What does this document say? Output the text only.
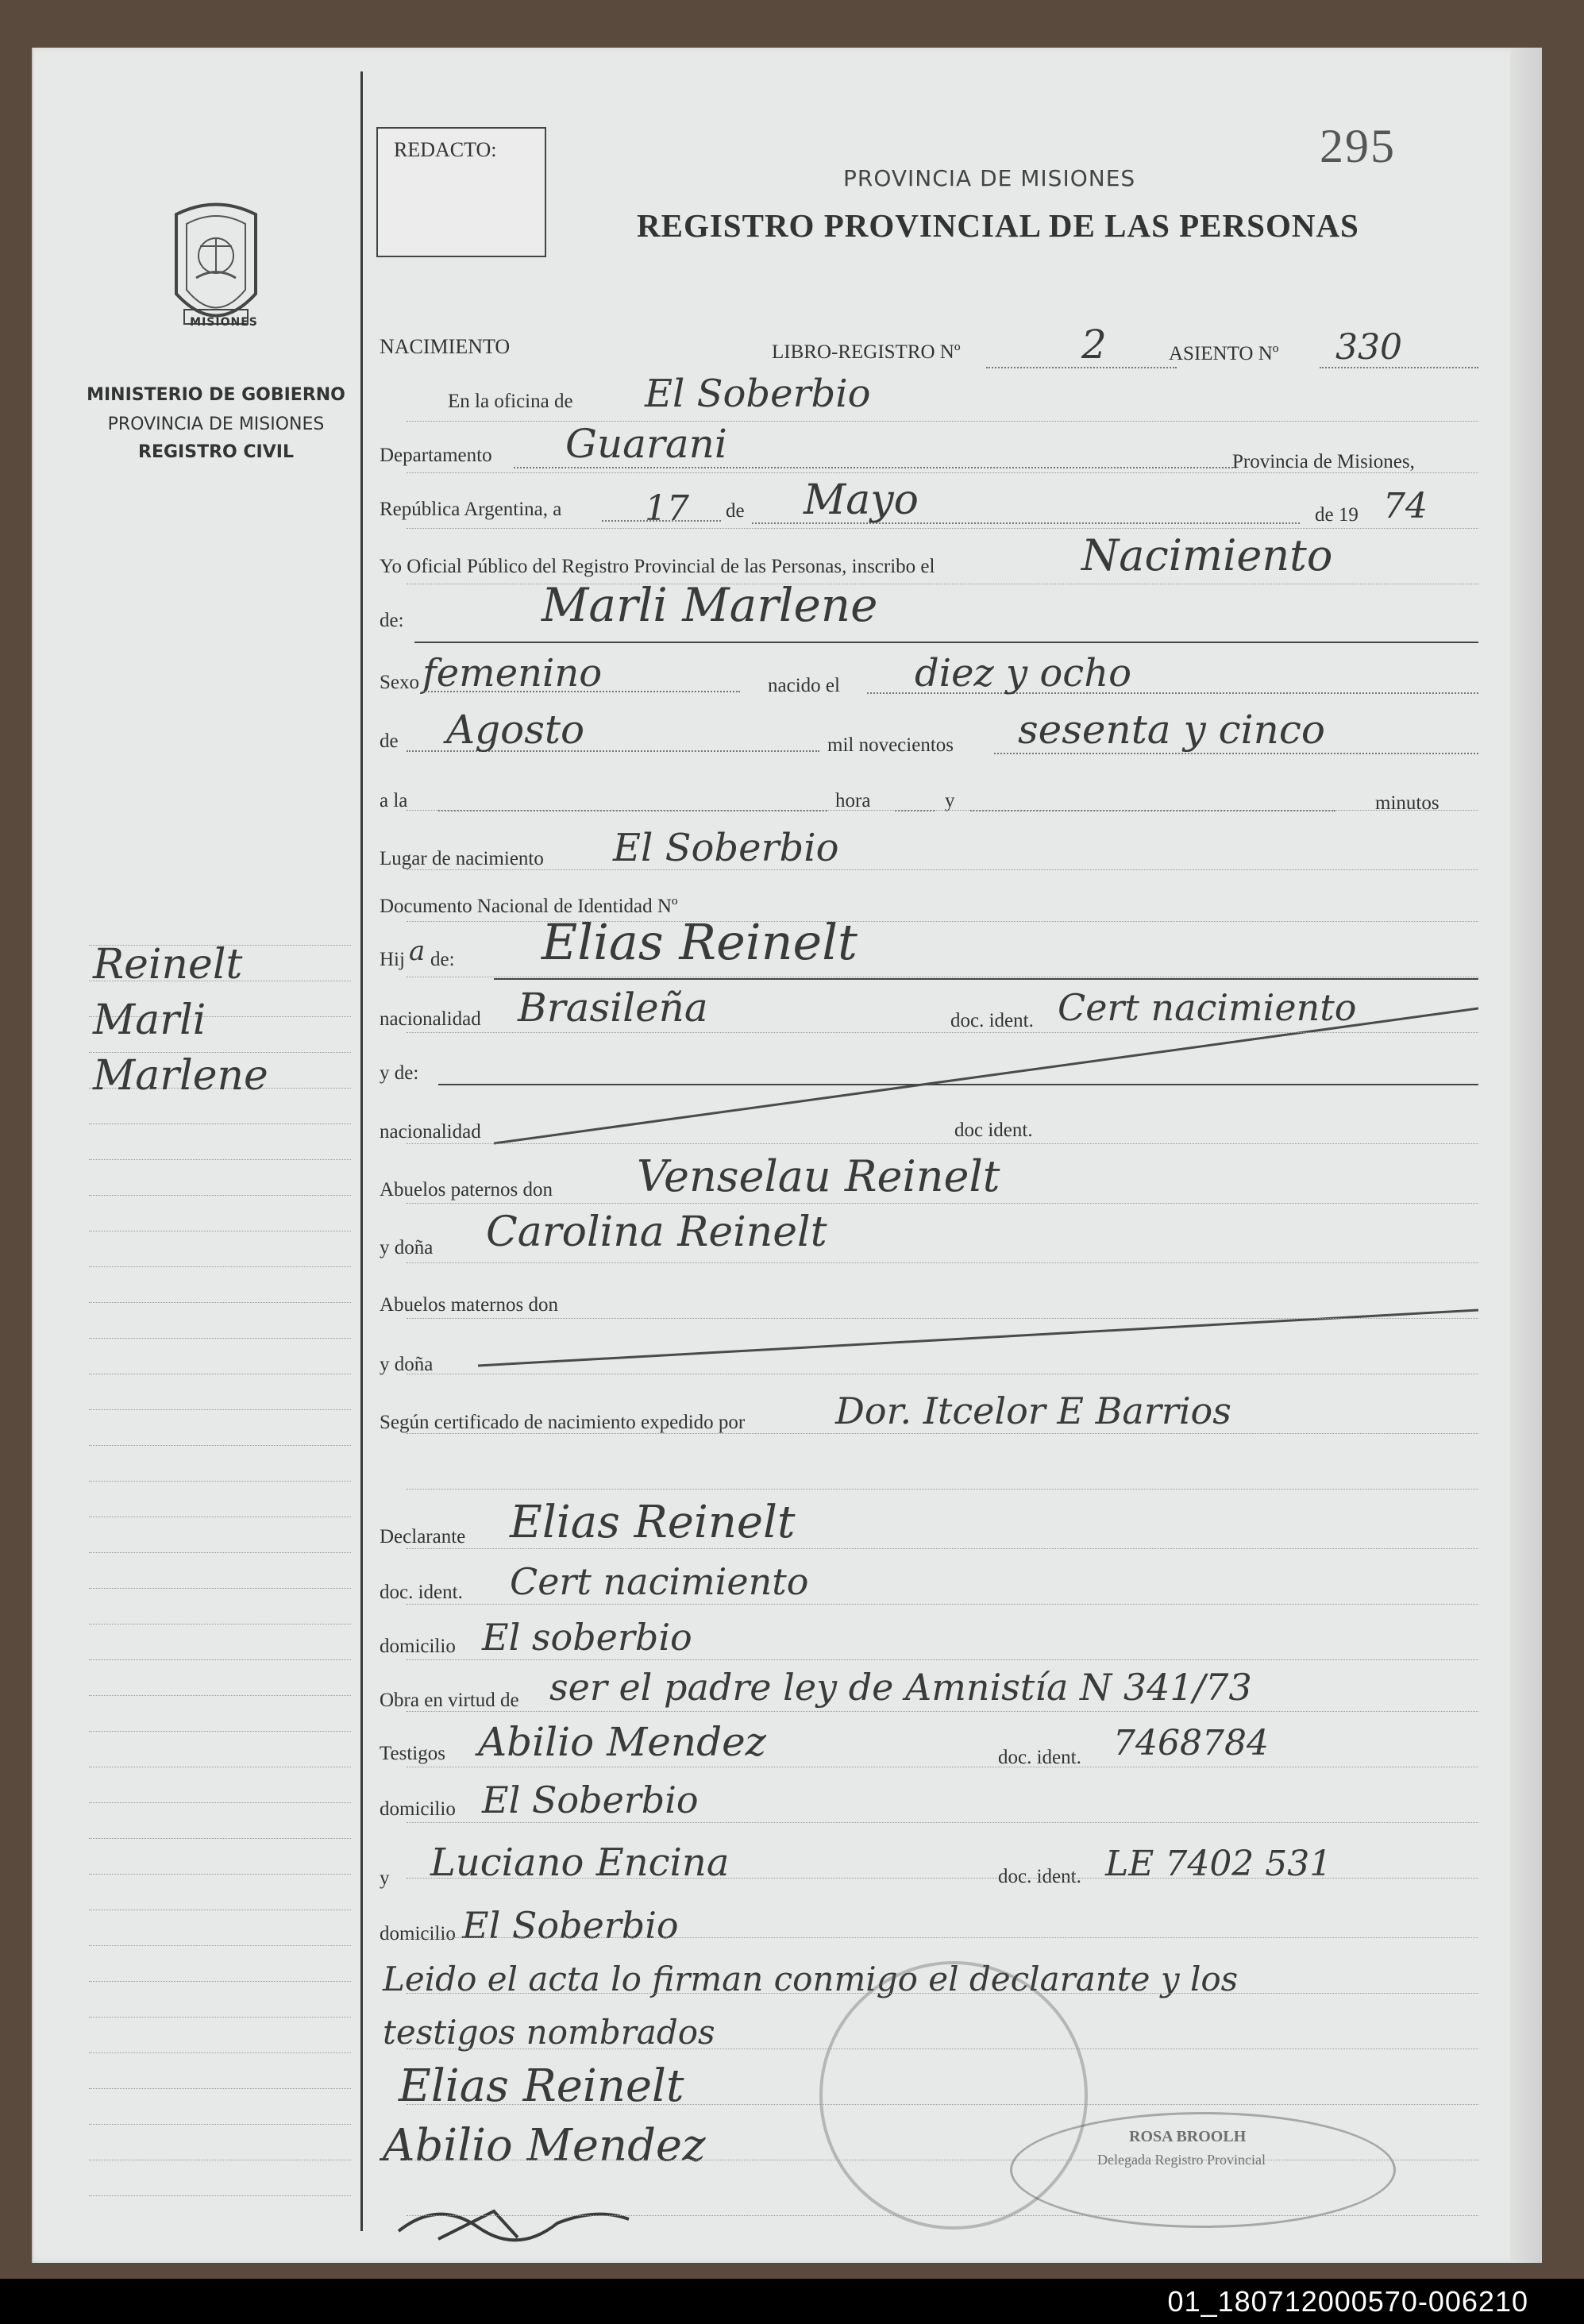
REDACTO:	295
PROVINCIA DE MISIONES
REGISTRO PROVINCIAL DE LAS PERSONAS
MISIONES
MINISTERIO DE GOBIERNO
PROVINCIA DE MISIONES
REGISTRO CIVIL
Reinelt
Marli
Marlene
NACIMIENTO	LIBRO-REGISTRO Nº	2	ASIENTO Nº 330
En la oficina de El Soberbio
Departamento Guarani	Provincia de Misiones,
República Argentina, a 17 de Mayo	de 19 74
Yo Oficial Público del Registro Provincial de las Personas, inscribo el	Nacimiento
de:	Marli Marlene
Sexo femenino	nacido el diez y ocho
de Agosto	mil novecientos sesenta y cinco
a la	hora	y	minutos
Lugar de nacimiento El Soberbio
Documento Nacional de Identidad Nº
Hij a de: Elias Reinelt
nacionalidad Brasileña	doc. ident. Cert nacimiento
y de:
nacionalidad	doc ident.
Abuelos paternos don Venselau Reinelt
y doña Carolina Reinelt
Abuelos maternos don
y doña
Según certificado de nacimiento expedido por Dor. Itcelor E Barrios
Declarante Elias Reinelt
doc. ident. Cert nacimiento
domicilio El soberbio
Obra en virtud de ser el padre ley de Amnistía N 341/73
Testigos Abilio Mendez	doc. ident. 7468784
domicilio El Soberbio
y Luciano Encina	doc. ident. LE 7402 531
domicilio El Soberbio
Leido el acta lo firman conmigo el declarante y los
testigos nombrados
Elias Reinelt
Abilio Mendez	ROSA BROOLH
Delegada Registro Provincial
01_180712000570-006210
